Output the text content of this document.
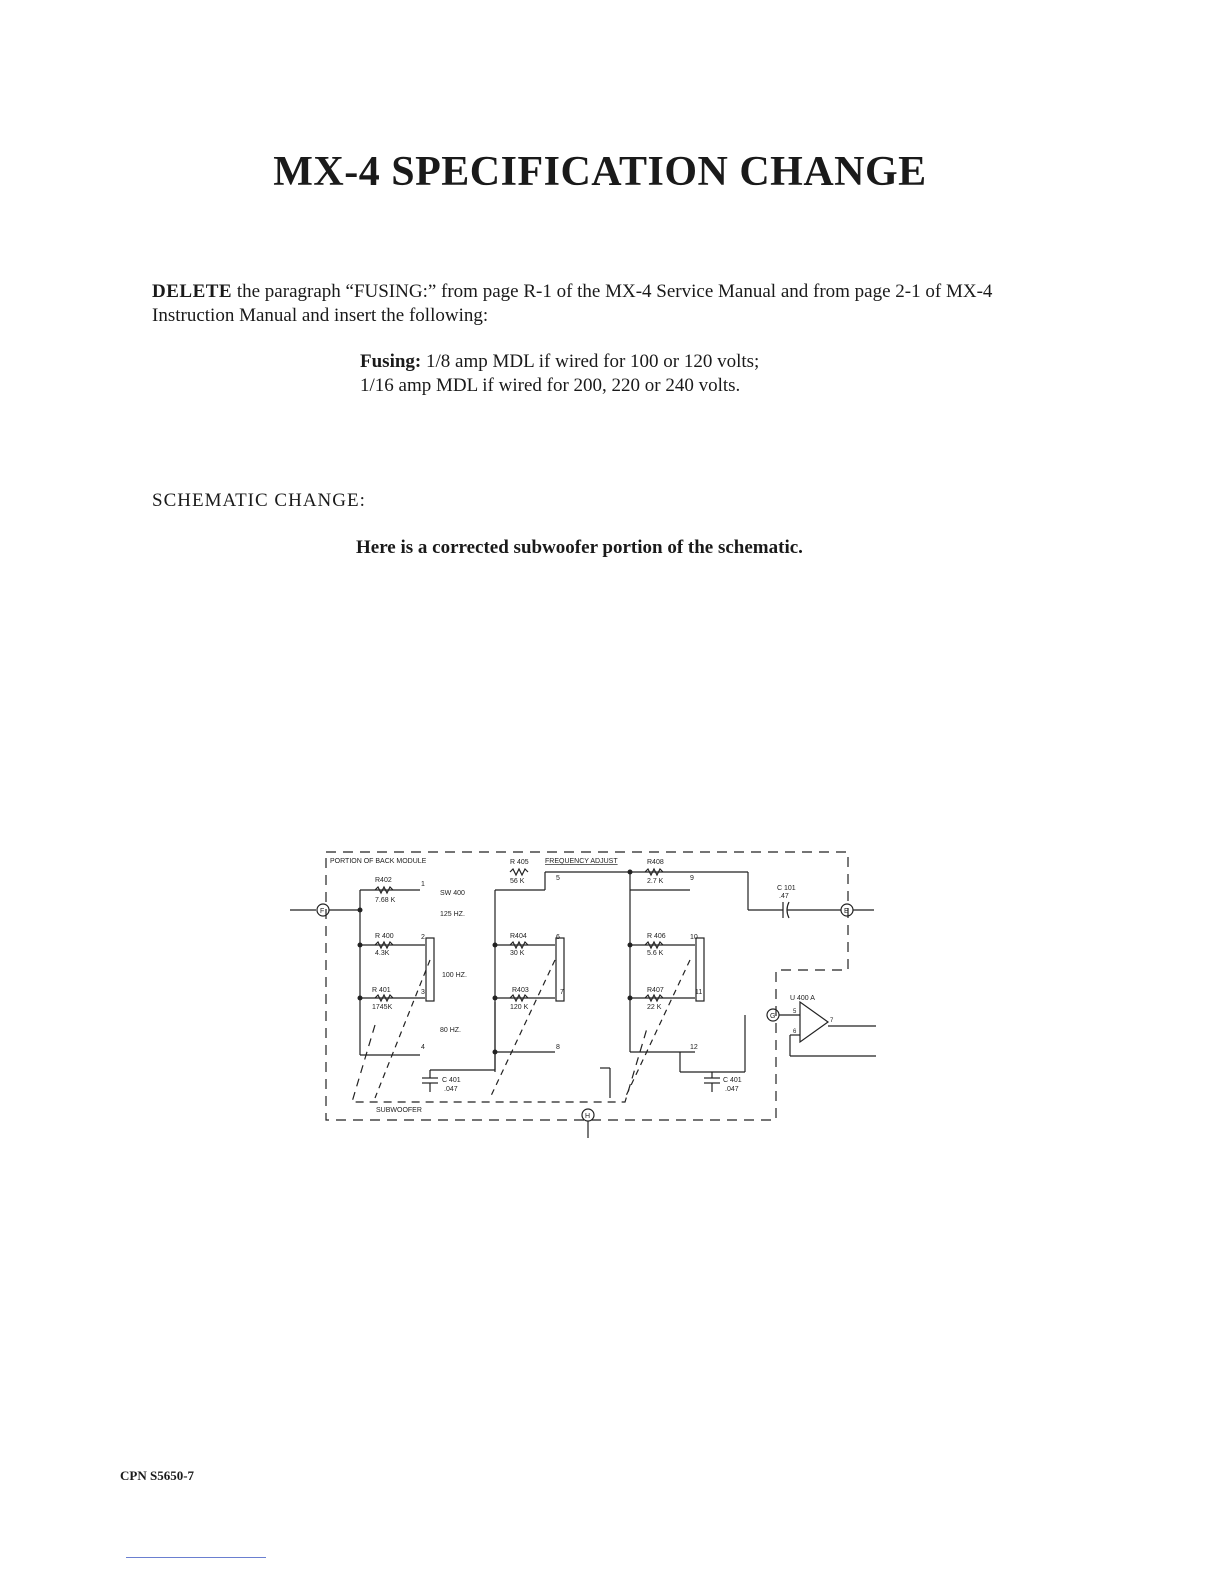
MX-4 SPECIFICATION CHANGE
DELETE the paragraph “FUSING:” from page R-1 of the MX-4 Service Manual and from page 2-1 of MX-4 Instruction Manual and insert the following:
Fusing: 1/8 amp MDL if wired for 100 or 120 volts;
1/16 amp MDL if wired for 200, 220 or 240 volts.
SCHEMATIC CHANGE:
Here is a corrected subwoofer portion of the schematic.
PORTION OF BACK MODULE	FREQUENCY ADJUST
SUBWOOFER
SW 400
125 HZ.
100 HZ.
80 HZ.
R402
7.68 K
R 400
4.3K
R 401
1745K
R 405
56 K
R404
30 K
R403
120 K
R408
2.7 K
R 406
5.6 K
R407
22 K
C 401
.047
C 401
.047
C 101
.47
U 400 A
1
2
3
4
5
6
7
8
9
10
11
12
5
6
7
F	E
G
H
CPN S5650-7
